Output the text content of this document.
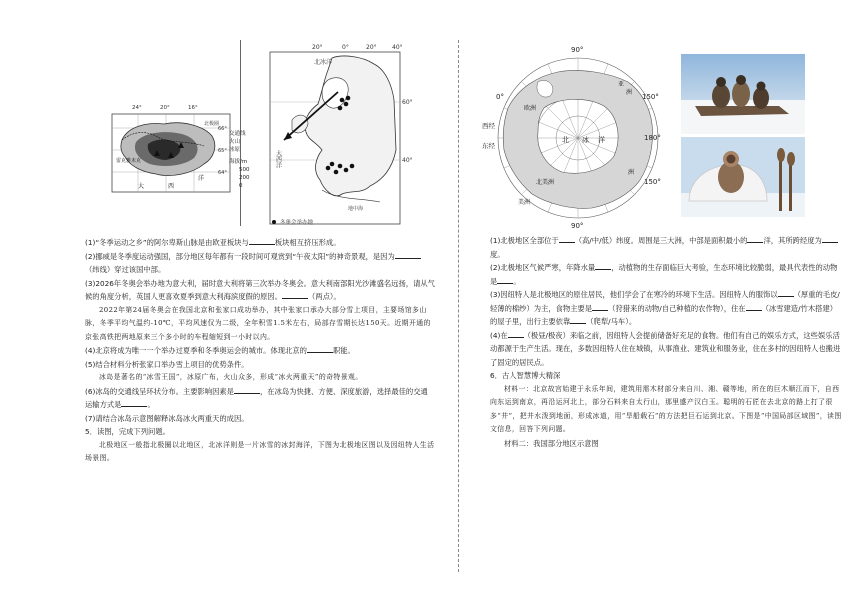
24°	20°	16°
66°
65°
64°
北极圈
雷克雅未克
大	西
洋
交通线
火山
冰原
海拔/m
500
200
0
20°	0°	20°	40°
60°
40°
北冰洋
大西洋
地中海
冬奥会举办地

(1)“冬季运动之乡”的阿尔卑斯山脉是由欧亚板块与	板块相互挤压形成。

(2)挪威是冬季度运动强国，部分地区每年都有一段时间可观赏到“午夜太阳”的神奇景观，是因为（纬线）穿过该国中部。

(3)2026年冬奥会举办地为意大利，届时意大利将第三次举办冬奥会。意大利南部阳光沙滩盛名远扬，请从气候的角度分析，英国人更喜欢夏季到意大利海滨度假的原因。	（两点）。

2022年第24届冬奥会在我国北京和张家口成功举办，其中张家口承办大部分雪上项目，主要场馆多山脉，冬季平均气温约-10℃，平均风速仅为二级，全年积雪1.5米左右，局部存雪期长达150天。近期开通的京张高铁把两地原来三个多小时的车程缩短到一小时以内。

(4)北京将成为唯一一个举办过夏季和冬季奥运会的城市。体现北京的	职能。

(5)结合材料分析张家口举办雪上项目的优势条件。

冰岛是著名的“冰雪王国”，冰原广布，火山众多，形成“冰火两重天”的奇特景观。

(6)冰岛的交通线呈环状分布。主要影响因素是	，在冰岛为快捷、方便、深度旅游，选择最佳的交通运输方式是	。

(7)请结合冰岛示意图解释冰岛冰火两重天的成因。

5．读图，完成下列问题。

北极地区一般指北极圈以北地区，北冰洋则是一片冰雪的冰封海洋，下图为北极地区图以及因纽特人生活场景图。

90°
0°	150°
西经
东经
180°
150°
90°
北 冰 洋
亚
洲
北美洲
欧洲
美洲
洲

(1)北极地区全部位于 （高/中/低）纬度。周围是三大洲，中部是面积最小的 洋，其所跨经度为度。

(2)北极地区气候严寒，年降水量 ，动植物的生存面临巨大考验，生态环境比较脆弱，最具代表性的动物是 。

(3)因纽特人是北极地区的原住居民，他们学会了在寒冷的环境下生活。因纽特人的服饰以 （厚重的毛皮/轻薄的棉纱）为主，食物主要是 （狩猎来的动物/自己种植的农作物），住在 （冰雪建造/竹木搭建）的屋子里，出行主要依靠 （爬犁/马车）。

(4)在 （极昼/极夜）来临之前，因纽特人会提前储备好充足的食物。他们有自己的娱乐方式，这些娱乐活动都源于生产生活。现在，多数因纽特人住在城镇，从事渔业、建筑业和服务业，住在多村的因纽特人也搬进了固定的居民点。

6．古人智慧博大精深

材料一：北京故宫始建于永乐年间，建筑用需木材部分来自川、湘、赣等地，所在的巨木顺江而下，自西向东运到南京，再沿运河北上，部分石料来自太行山，那里盛产汉白玉。聪明的石匠在去北京的路上打了很多“井”，把井水泼到地面，形成冰道，用“旱船载石”的方法把巨石运到北京。下图是“中国局部区域图”，读图文信息，回答下列问题。

材料二：我国部分地区示意图
